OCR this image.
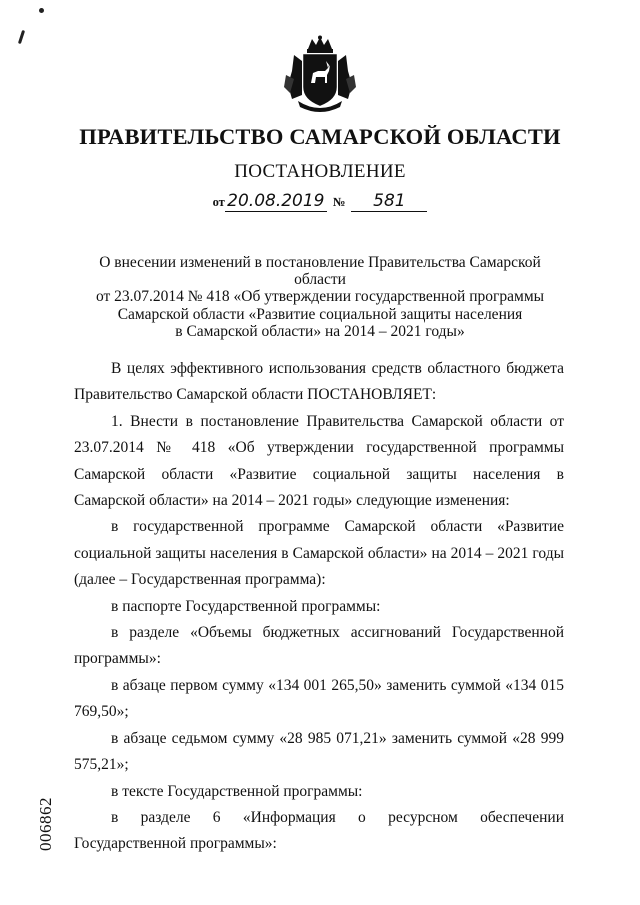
ПРАВИТЕЛЬСТВО САМАРСКОЙ ОБЛАСТИ
ПОСТАНОВЛЕНИЕ
от 20.08.2019 № 581
О внесении изменений в постановление Правительства Самарской области
от 23.07.2014 № 418 «Об утверждении государственной программы
Самарской области «Развитие социальной защиты населения
в Самарской области» на 2014 – 2021 годы»

В целях эффективного использования средств областного бюджета Правительство Самарской области ПОСТАНОВЛЯЕТ:

1. Внести в постановление Правительства Самарской области от 23.07.2014 № 418 «Об утверждении государственной программы Самарской области «Развитие социальной защиты населения в Самарской области» на 2014 – 2021 годы» следующие изменения:

в государственной программе Самарской области «Развитие социальной защиты населения в Самарской области» на 2014 – 2021 годы (далее – Государственная программа):

в паспорте Государственной программы:

в разделе «Объемы бюджетных ассигнований Государственной программы»:

в абзаце первом сумму «134 001 265,50» заменить суммой «134 015 769,50»;

в абзаце седьмом сумму «28 985 071,21» заменить суммой «28 999 575,21»;

в тексте Государственной программы:

в разделе 6 «Информация о ресурсном обеспечении Государственной программы»:

006862
